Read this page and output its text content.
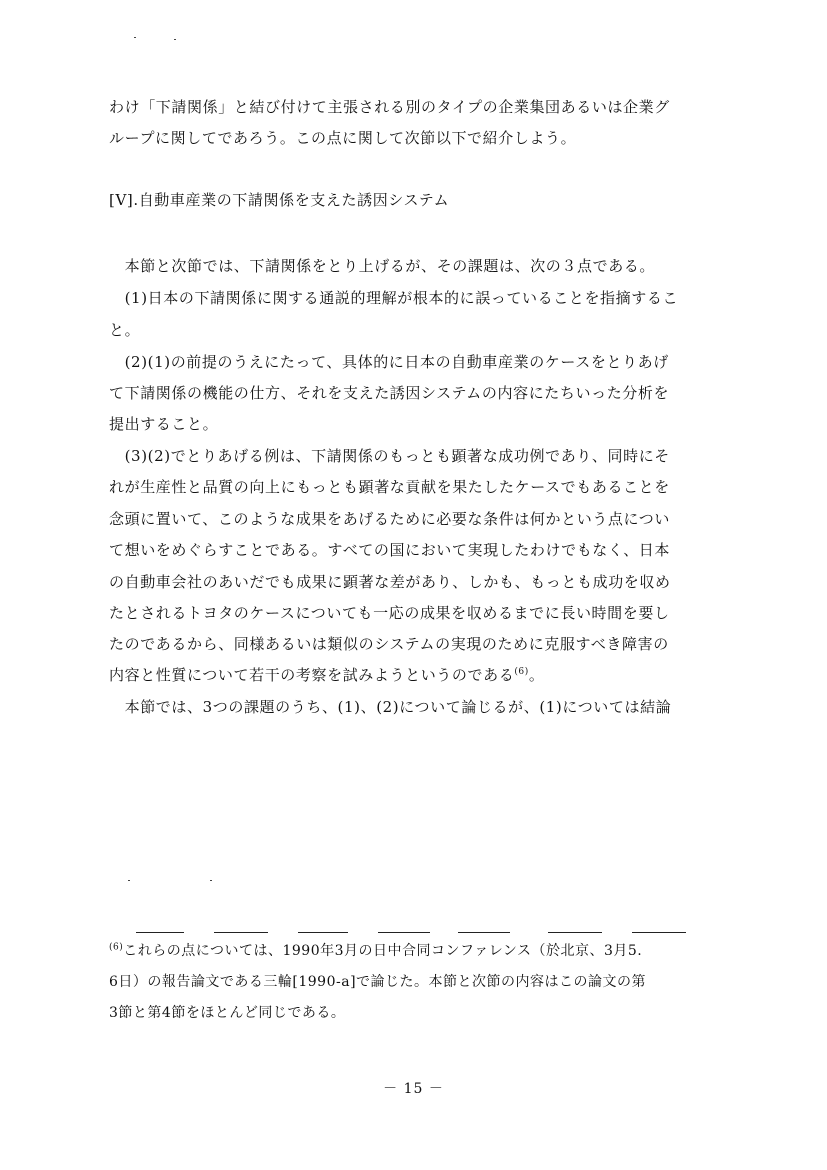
わけ「下請関係」と結び付けて主張される別のタイプの企業集団あるいは企業グ
ループに関してであろう。この点に関して次節以下で紹介しよう。
[V].自動車産業の下請関係を支えた誘因システム
　本節と次節では、下請関係をとり上げるが、その課題は、次の３点である。
　(1)日本の下請関係に関する通説的理解が根本的に誤っていることを指摘するこ
と。
　(2)(1)の前提のうえにたって、具体的に日本の自動車産業のケースをとりあげ
て下請関係の機能の仕方、それを支えた誘因システムの内容にたちいった分析を
提出すること。
　(3)(2)でとりあげる例は、下請関係のもっとも顕著な成功例であり、同時にそ
れが生産性と品質の向上にもっとも顕著な貢献を果たしたケースでもあることを
念頭に置いて、このような成果をあげるために必要な条件は何かという点につい
て想いをめぐらすことである。すべての国において実現したわけでもなく、日本
の自動車会社のあいだでも成果に顕著な差があり、しかも、もっとも成功を収め
たとされるトヨタのケースについても一応の成果を収めるまでに長い時間を要し
たのであるから、同様あるいは類似のシステムの実現のために克服すべき障害の
内容と性質について若干の考察を試みようというのである$^{(6)}$。
　本節では、3つの課題のうち、(1)、(2)について論じるが、(1)については結論
$^{(6)}$これらの点については、1990年3月の日中合同コンファレンス（於北京、3月5.
6日）の報告論文である三輪[1990-a]で論じた。本節と次節の内容はこの論文の第
3節と第4節をほとんど同じである。
－ 15 －
